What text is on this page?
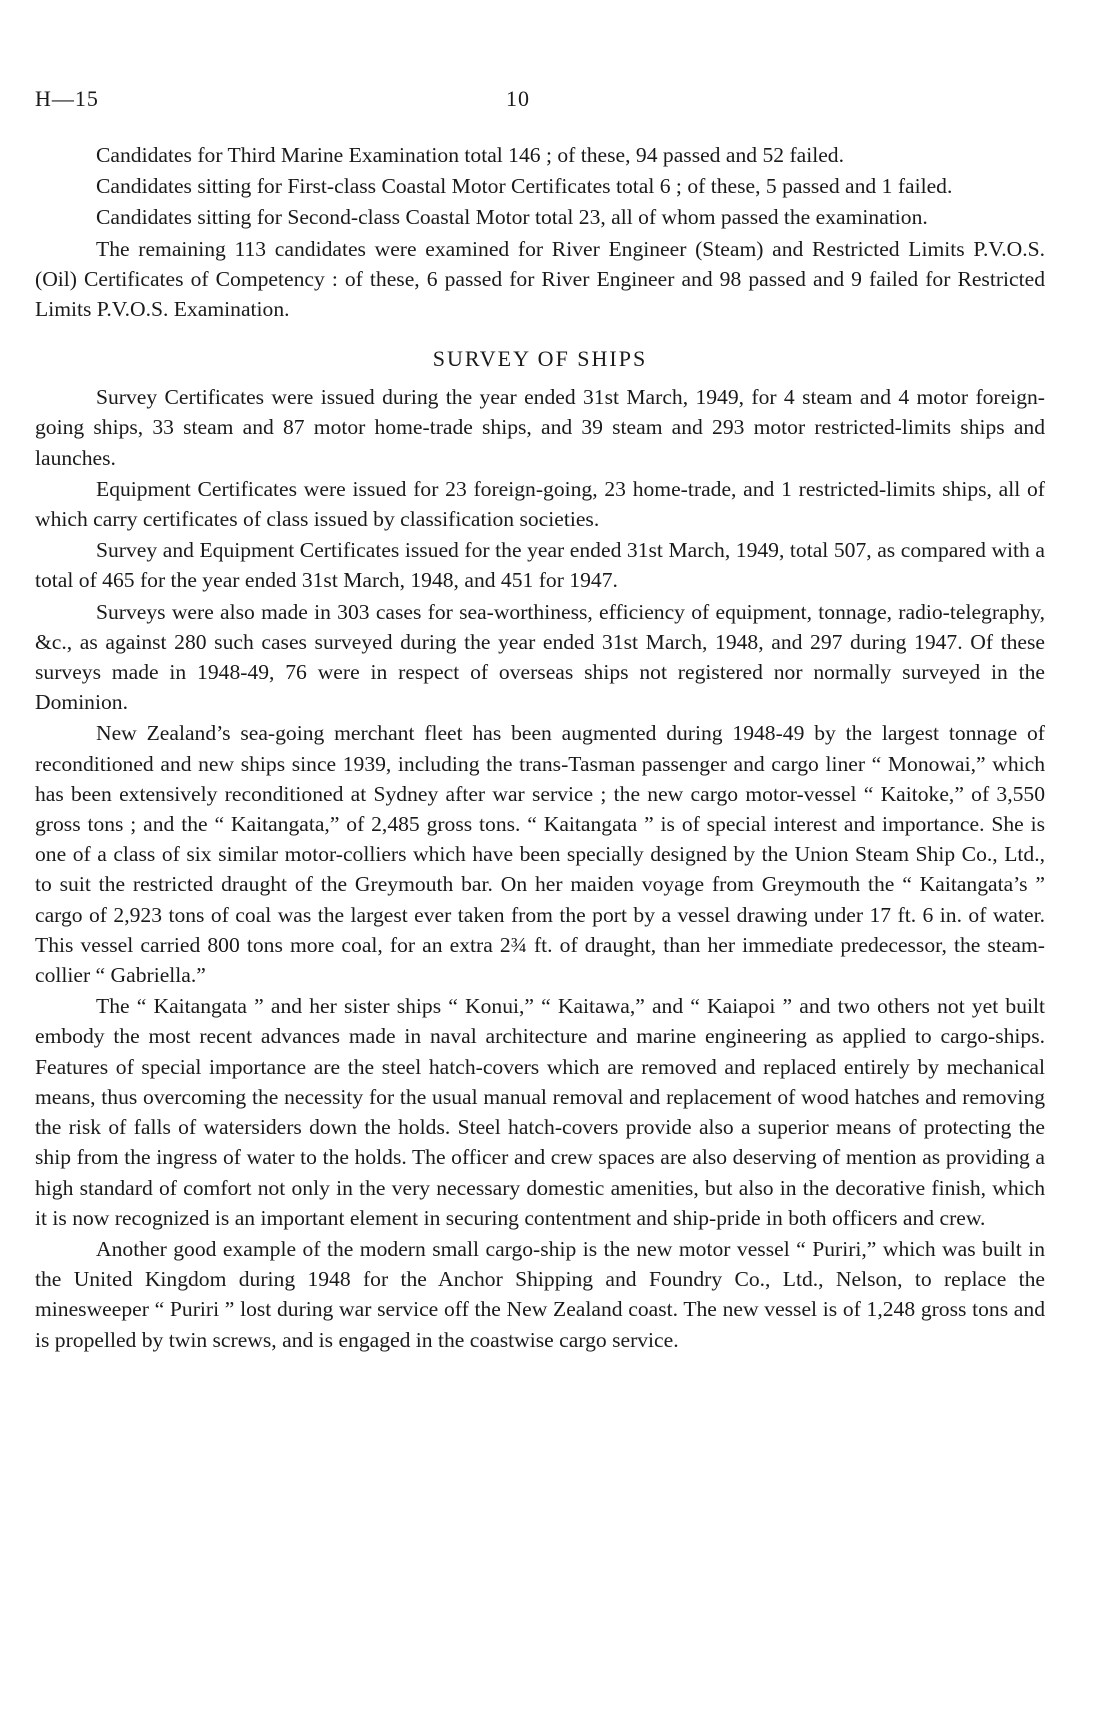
H—15	10

Candidates for Third Marine Examination total 146 ; of these, 94 passed and 52 failed.

Candidates sitting for First-class Coastal Motor Certificates total 6 ; of these, 5 passed and 1 failed.

Candidates sitting for Second-class Coastal Motor total 23, all of whom passed the examination.

The remaining 113 candidates were examined for River Engineer (Steam) and Restricted Limits P.V.O.S. (Oil) Certificates of Competency : of these, 6 passed for River Engineer and 98 passed and 9 failed for Restricted Limits P.V.O.S. Examination.

SURVEY OF SHIPS

Survey Certificates were issued during the year ended 31st March, 1949, for 4 steam and 4 motor foreign-going ships, 33 steam and 87 motor home-trade ships, and 39 steam and 293 motor restricted-limits ships and launches.

Equipment Certificates were issued for 23 foreign-going, 23 home-trade, and 1 restricted-limits ships, all of which carry certificates of class issued by classification societies.

Survey and Equipment Certificates issued for the year ended 31st March, 1949, total 507, as compared with a total of 465 for the year ended 31st March, 1948, and 451 for 1947.

Surveys were also made in 303 cases for sea-worthiness, efficiency of equipment, tonnage, radio-telegraphy, &c., as against 280 such cases surveyed during the year ended 31st March, 1948, and 297 during 1947. Of these surveys made in 1948-49, 76 were in respect of overseas ships not registered nor normally surveyed in the Dominion.

New Zealand’s sea-going merchant fleet has been augmented during 1948-49 by the largest tonnage of reconditioned and new ships since 1939, including the trans-Tasman passenger and cargo liner “ Monowai,” which has been extensively reconditioned at Sydney after war service ; the new cargo motor-vessel “ Kaitoke,” of 3,550 gross tons ; and the “ Kaitangata,” of 2,485 gross tons. “ Kaitangata ” is of special interest and importance. She is one of a class of six similar motor-colliers which have been specially designed by the Union Steam Ship Co., Ltd., to suit the restricted draught of the Greymouth bar. On her maiden voyage from Greymouth the “ Kaitangata’s ” cargo of 2,923 tons of coal was the largest ever taken from the port by a vessel drawing under 17 ft. 6 in. of water. This vessel carried 800 tons more coal, for an extra 2¾ ft. of draught, than her immediate predecessor, the steam-collier “ Gabriella.”

The “ Kaitangata ” and her sister ships “ Konui,” “ Kaitawa,” and “ Kaiapoi ” and two others not yet built embody the most recent advances made in naval architecture and marine engineering as applied to cargo-ships. Features of special importance are the steel hatch-covers which are removed and replaced entirely by mechanical means, thus overcoming the necessity for the usual manual removal and replacement of wood hatches and removing the risk of falls of watersiders down the holds. Steel hatch-covers provide also a superior means of protecting the ship from the ingress of water to the holds. The officer and crew spaces are also deserving of mention as providing a high standard of comfort not only in the very necessary domestic amenities, but also in the decorative finish, which it is now recognized is an important element in securing contentment and ship-pride in both officers and crew.

Another good example of the modern small cargo-ship is the new motor vessel “ Puriri,” which was built in the United Kingdom during 1948 for the Anchor Shipping and Foundry Co., Ltd., Nelson, to replace the minesweeper “ Puriri ” lost during war service off the New Zealand coast. The new vessel is of 1,248 gross tons and is propelled by twin screws, and is engaged in the coastwise cargo service.
